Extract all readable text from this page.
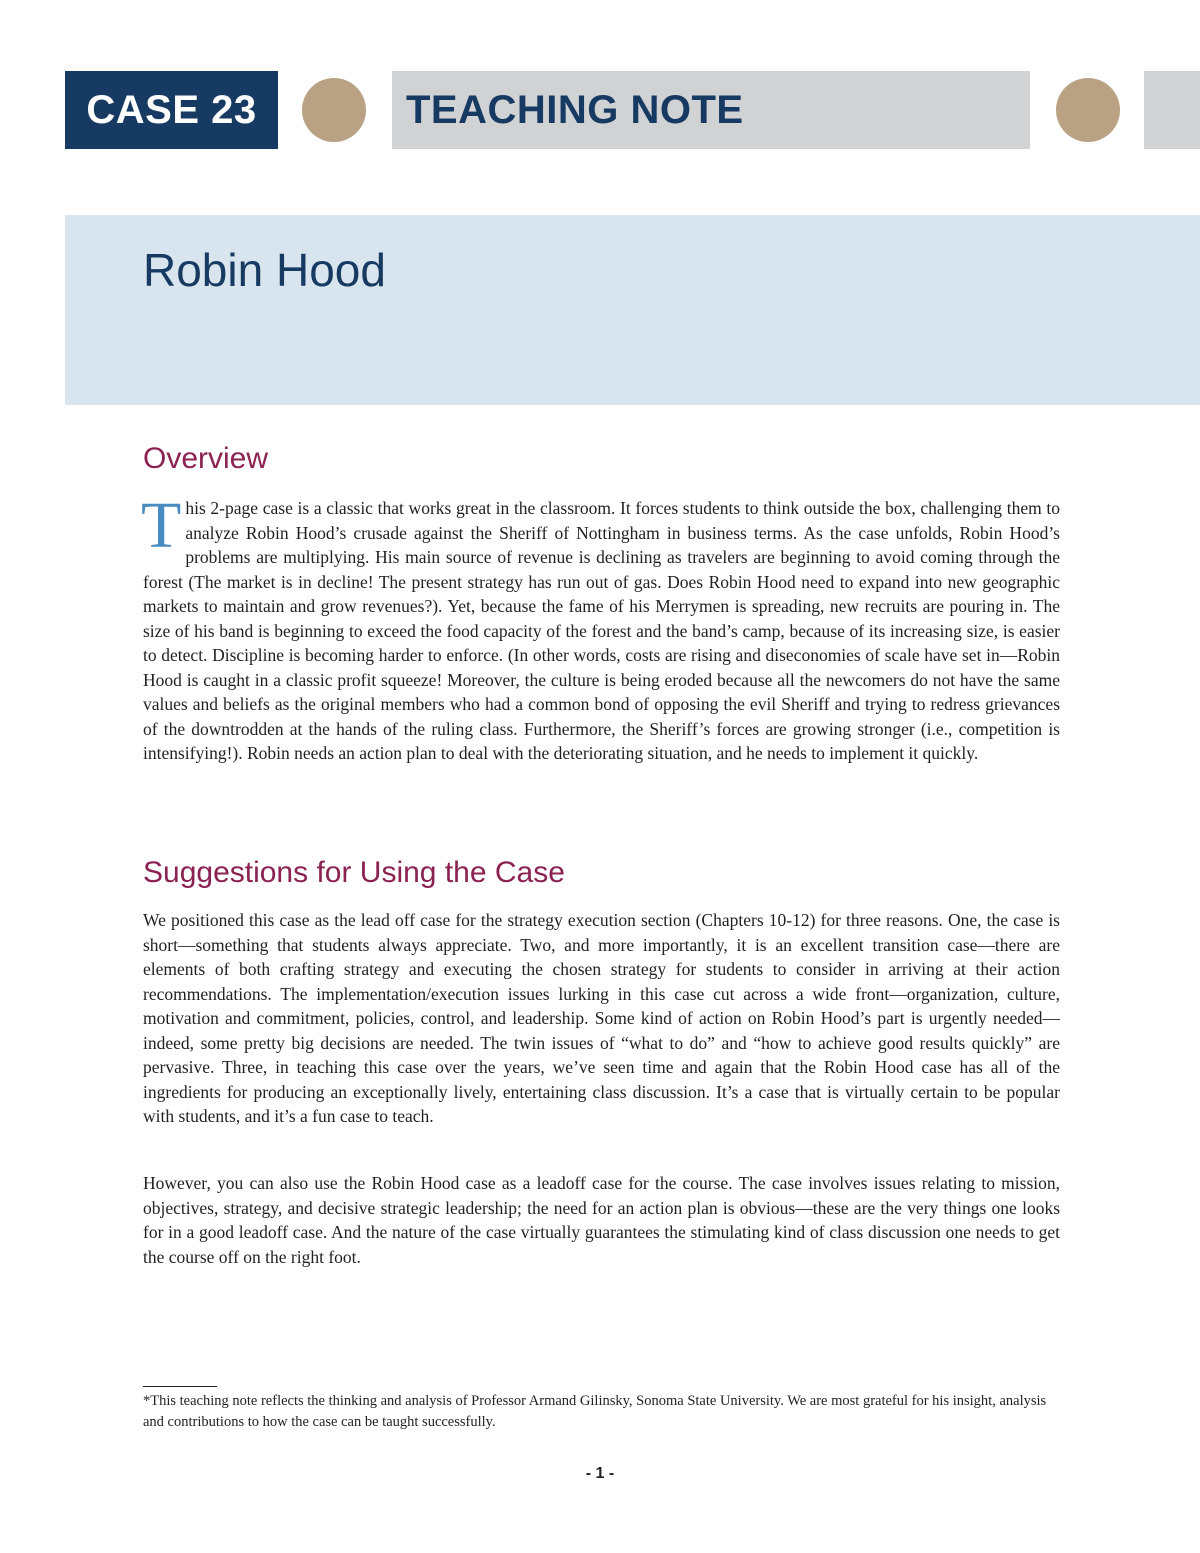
CASE 23	TEACHING NOTE
Robin Hood
Overview

This 2-page case is a classic that works great in the classroom. It forces students to think outside the box, challenging them to analyze Robin Hood’s crusade against the Sheriff of Nottingham in business terms. As the case unfolds, Robin Hood’s problems are multiplying. His main source of revenue is declining as travelers are beginning to avoid coming through the forest (The market is in decline! The present strategy has run out of gas. Does Robin Hood need to expand into new geographic markets to maintain and grow revenues?). Yet, because the fame of his Merrymen is spreading, new recruits are pouring in. The size of his band is beginning to exceed the food capacity of the forest and the band’s camp, because of its increasing size, is easier to detect. Discipline is becoming harder to enforce. (In other words, costs are rising and diseconomies of scale have set in—Robin Hood is caught in a classic profit squeeze! Moreover, the culture is being eroded because all the newcomers do not have the same values and beliefs as the original members who had a common bond of opposing the evil Sheriff and trying to redress grievances of the downtrodden at the hands of the ruling class. Furthermore, the Sheriff’s forces are growing stronger (i.e., competition is intensifying!). Robin needs an action plan to deal with the deteriorating situation, and he needs to implement it quickly.

Suggestions for Using the Case

We positioned this case as the lead off case for the strategy execution section (Chapters 10-12) for three reasons. One, the case is short—something that students always appreciate. Two, and more importantly, it is an excellent transition case—there are elements of both crafting strategy and executing the chosen strategy for students to consider in arriving at their action recommendations. The implementation/execution issues lurking in this case cut across a wide front—organization, culture, motivation and commitment, policies, control, and leadership. Some kind of action on Robin Hood’s part is urgently needed—indeed, some pretty big decisions are needed. The twin issues of “what to do” and “how to achieve good results quickly” are pervasive. Three, in teaching this case over the years, we’ve seen time and again that the Robin Hood case has all of the ingredients for producing an exceptionally lively, entertaining class discussion. It’s a case that is virtually certain to be popular with students, and it’s a fun case to teach.

However, you can also use the Robin Hood case as a leadoff case for the course. The case involves issues relating to mission, objectives, strategy, and decisive strategic leadership; the need for an action plan is obvious—these are the very things one looks for in a good leadoff case. And the nature of the case virtually guarantees the stimulating kind of class discussion one needs to get the course off on the right foot.

*This teaching note reflects the thinking and analysis of Professor Armand Gilinsky, Sonoma State University. We are most grateful for his insight, analysis and contributions to how the case can be taught successfully.

- 1 -
